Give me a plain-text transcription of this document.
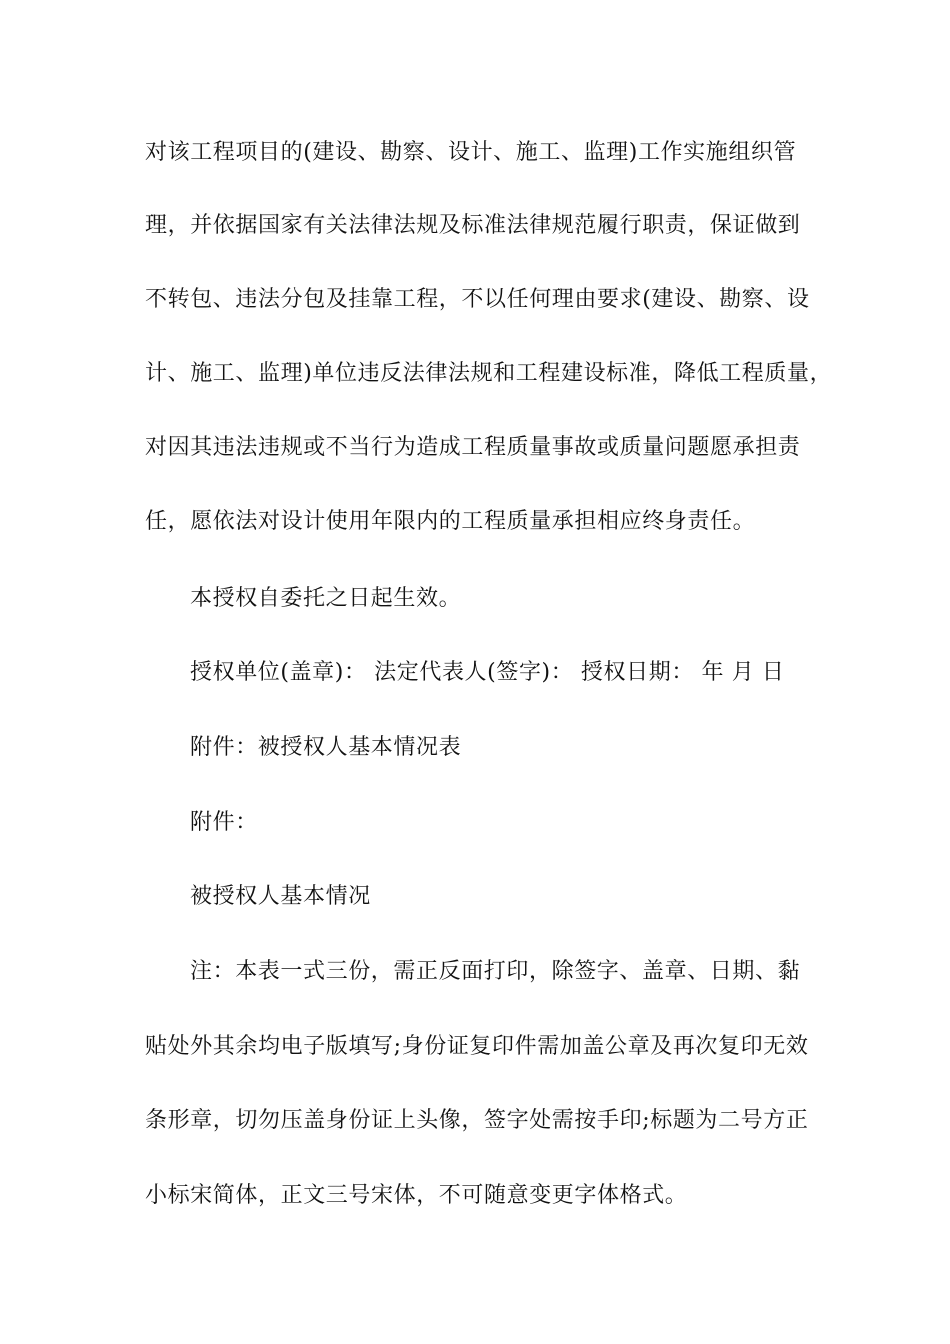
对该工程项目的(建设、勘察、设计、施工、监理)工作实施组织管
理，并依据国家有关法律法规及标准法律规范履行职责，保证做到
不转包、违法分包及挂靠工程，不以任何理由要求(建设、勘察、设
计、施工、监理)单位违反法律法规和工程建设标准，降低工程质量，
对因其违法违规或不当行为造成工程质量事故或质量问题愿承担责
任，愿依法对设计使用年限内的工程质量承担相应终身责任。
本授权自委托之日起生效。
授权单位(盖章)： 法定代表人(签字)： 授权日期： 年 月 日
附件：被授权人基本情况表
附件：
被授权人基本情况
注：本表一式三份，需正反面打印，除签字、盖章、日期、黏
贴处外其余均电子版填写;身份证复印件需加盖公章及再次复印无效
条形章，切勿压盖身份证上头像，签字处需按手印;标题为二号方正
小标宋简体，正文三号宋体，不可随意变更字体格式。
